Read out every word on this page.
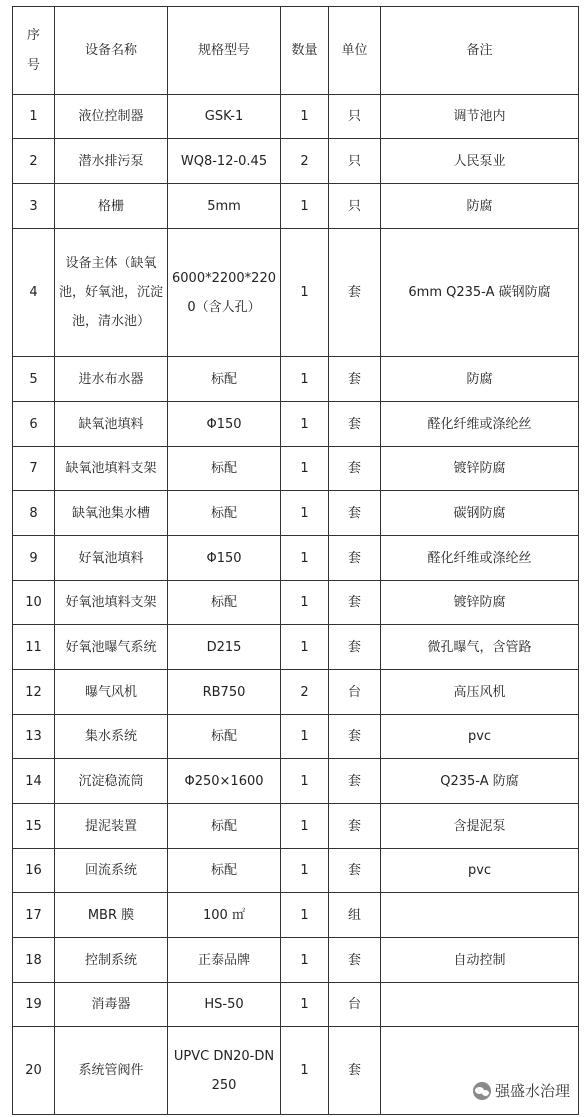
序号	设备名称	规格型号	数量	单位	备注
1	液位控制器	GSK-1	1	只	调节池内
2	潜水排污泵	WQ8-12-0.45	2	只	人民泵业
3	格栅	5mm	1	只	防腐
4	设备主体（缺氧池，好氧池，沉淀池，清水池）	6000*2200*2200（含人孔）	1	套	6mm Q235-A 碳钢防腐
5	进水布水器	标配	1	套	防腐
6	缺氧池填料	Φ150	1	套	醛化纤维或涤纶丝
7	缺氧池填料支架	标配	1	套	镀锌防腐
8	缺氧池集水槽	标配	1	套	碳钢防腐
9	好氧池填料	Φ150	1	套	醛化纤维或涤纶丝
10	好氧池填料支架	标配	1	套	镀锌防腐
11	好氧池曝气系统	D215	1	套	微孔曝气，含管路
12	曝气风机	RB750	2	台	高压风机
13	集水系统	标配	1	套	pvc
14	沉淀稳流筒	Φ250×1600	1	套	Q235-A 防腐
15	提泥装置	标配	1	套	含提泥泵
16	回流系统	标配	1	套	pvc
17	MBR 膜	100 ㎡	1	组	
18	控制系统	正泰品牌	1	套	自动控制
19	消毒器	HS-50	1	台	
20	系统管阀件	UPVC DN20-DN250	1	套	
强盛水治理
